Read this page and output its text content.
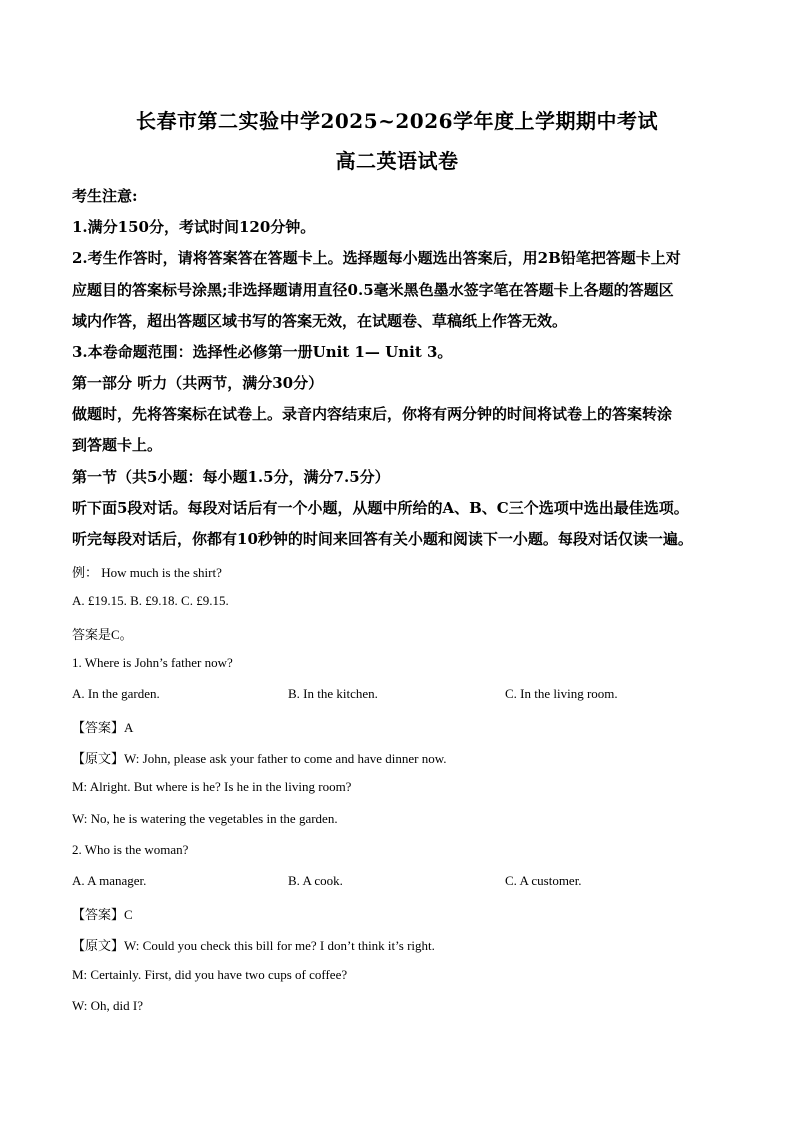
长春市第二实验中学2025~2026学年度上学期期中考试
高二英语试卷
考生注意:
1.满分150分，考试时间120分钟。
2.考生作答时，请将答案答在答题卡上。选择题每小题选出答案后，用2B铅笔把答题卡上对
应题目的答案标号涂黑;非选择题请用直径0.5毫米黑色墨水签字笔在答题卡上各题的答题区
域内作答，超出答题区域书写的答案无效，在试题卷、草稿纸上作答无效。
3.本卷命题范围：选择性必修第一册Unit 1— Unit 3。
第一部分 听力（共两节，满分30分）
做题时，先将答案标在试卷上。录音内容结束后，你将有两分钟的时间将试卷上的答案转涂
到答题卡上。
第一节（共5小题：每小题1.5分，满分7.5分）
听下面5段对话。每段对话后有一个小题，从题中所给的A、B、C三个选项中选出最佳选项。
听完每段对话后，你都有10秒钟的时间来回答有关小题和阅读下一小题。每段对话仅读一遍。
例： How much is the shirt?
A. £19.15. B. £9.18. C. £9.15.
答案是C。
1. Where is John’s father now?
A. In the garden.	B. In the kitchen.	C. In the living room.
【答案】A
【原文】W: John, please ask your father to come and have dinner now.
M: Alright. But where is he? Is he in the living room?
W: No, he is watering the vegetables in the garden.
2. Who is the woman?
A. A manager.	B. A cook.	C. A customer.
【答案】C
【原文】W: Could you check this bill for me? I don’t think it’s right.
M: Certainly. First, did you have two cups of coffee?
W: Oh, did I?
